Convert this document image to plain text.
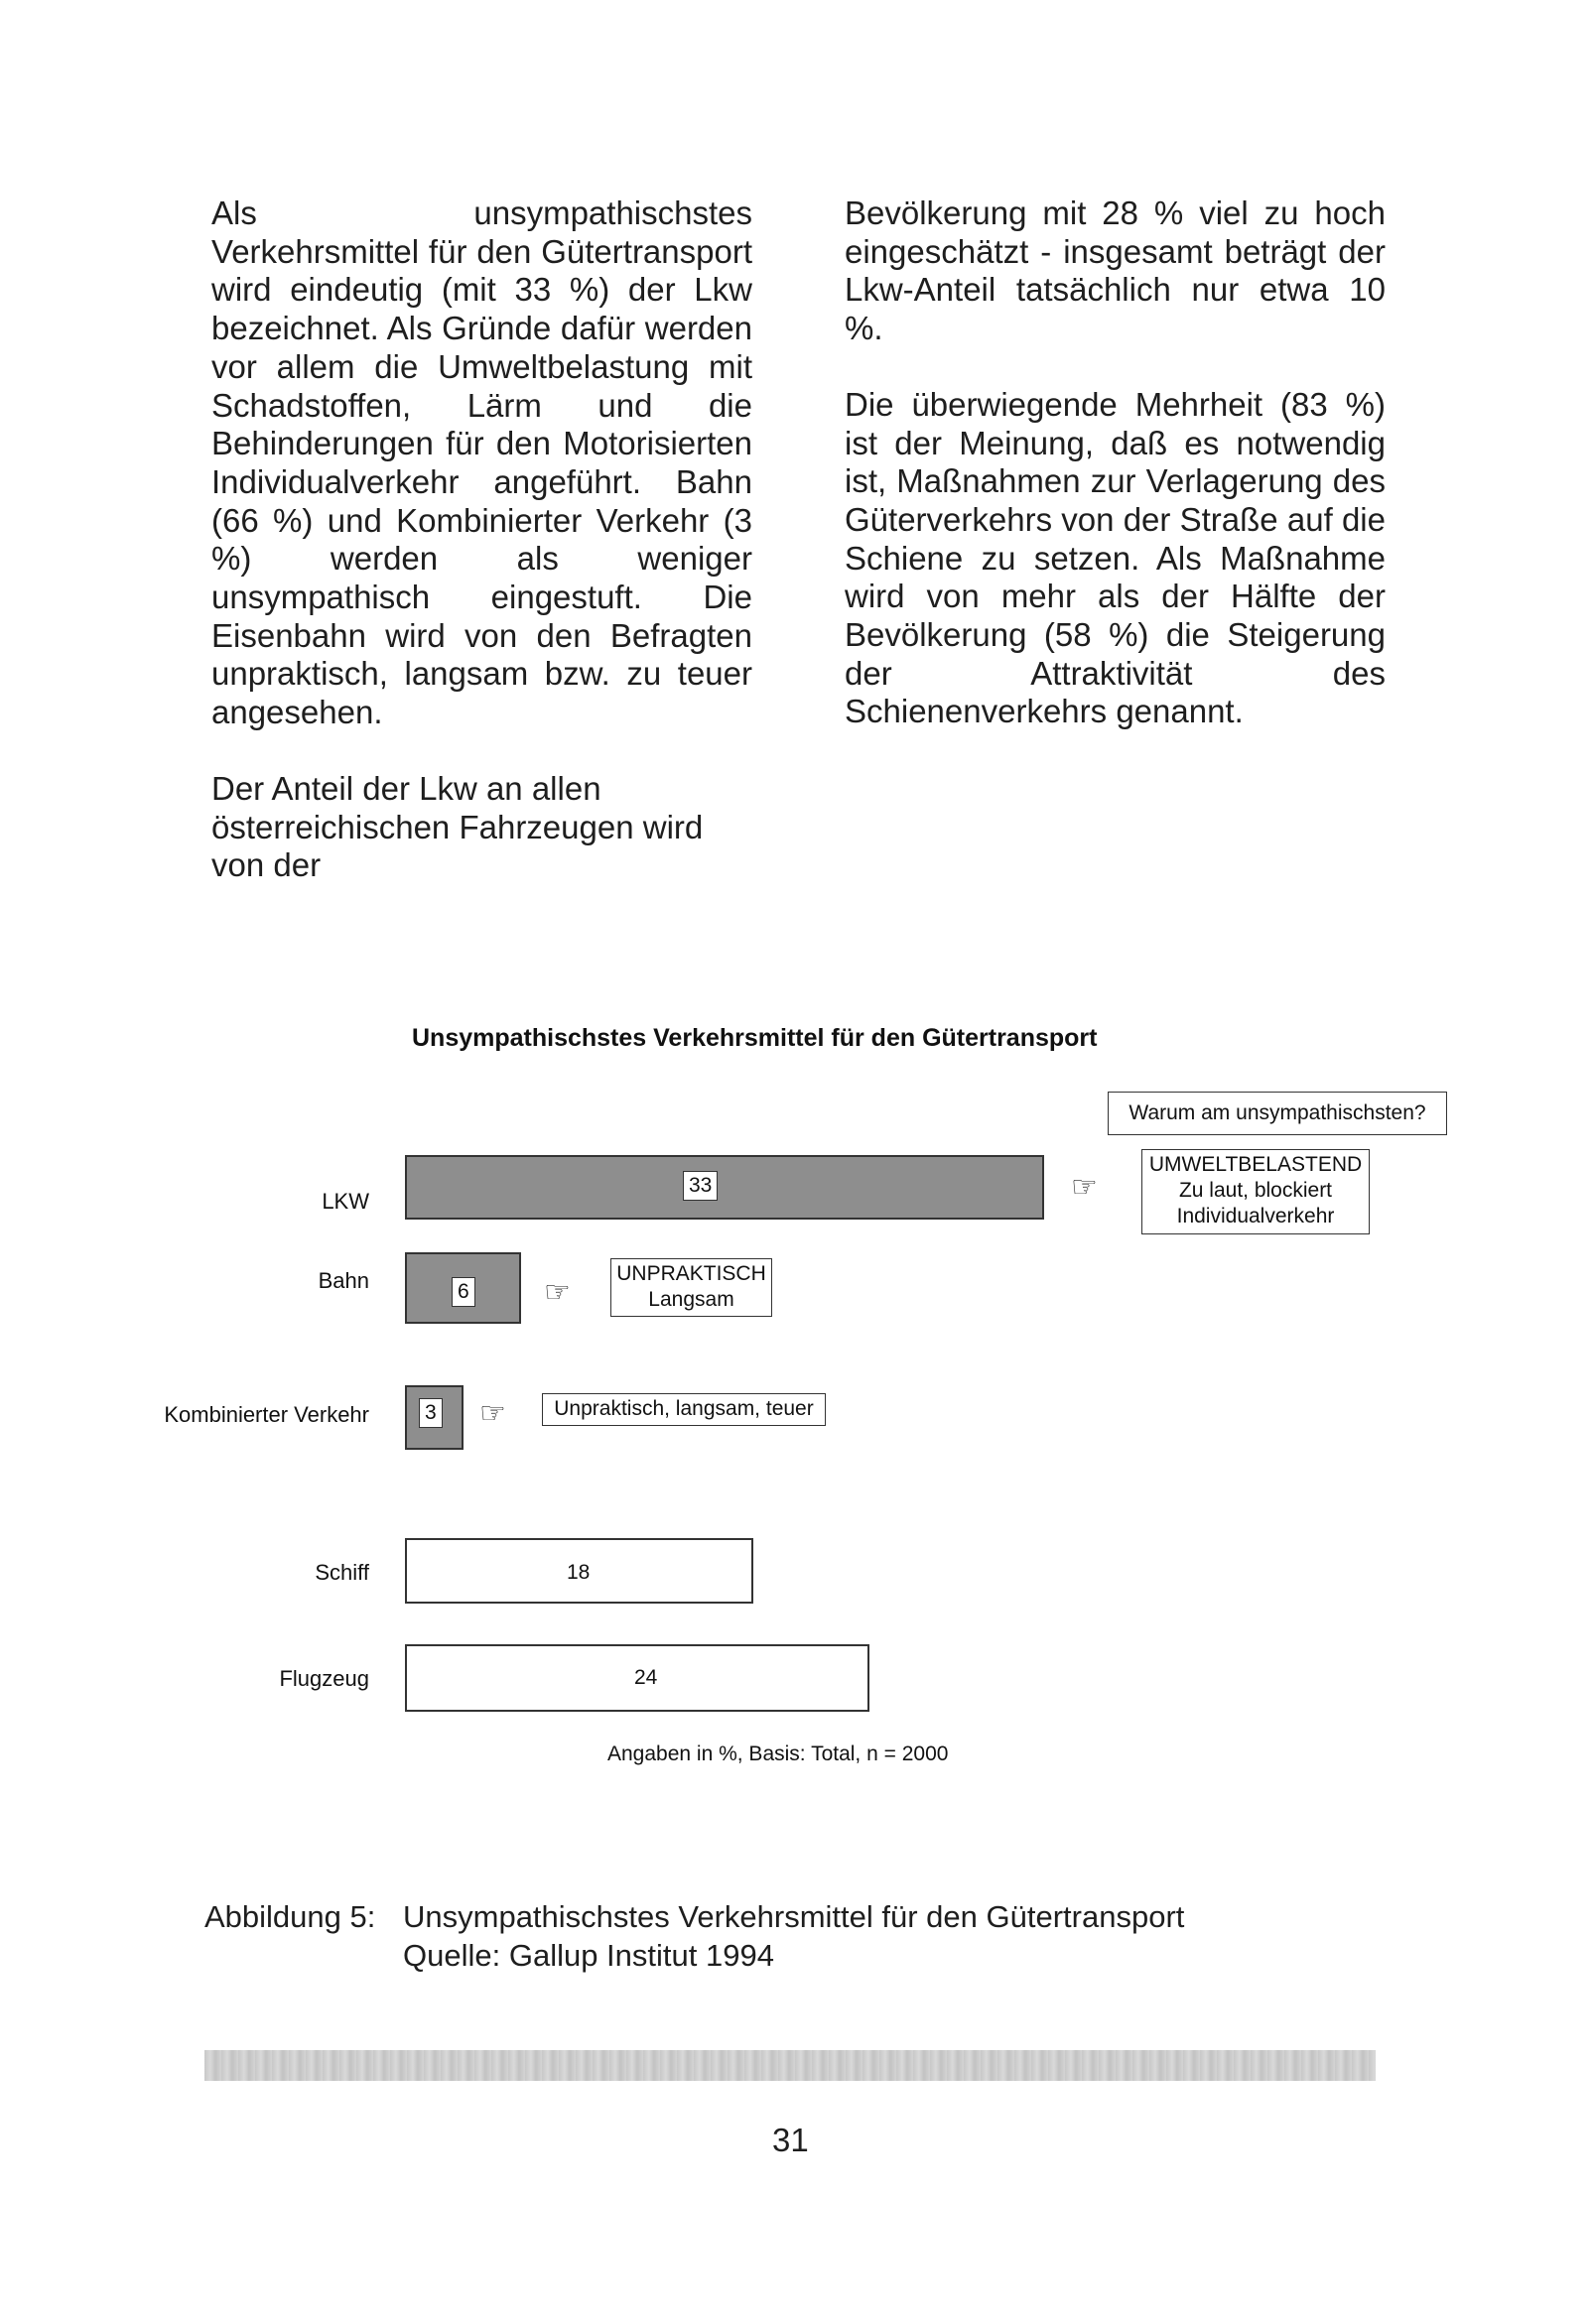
Als unsympathischstes Verkehrsmittel für den Gütertransport wird eindeutig (mit 33 %) der Lkw bezeichnet. Als Gründe dafür werden vor allem die Umweltbelastung mit Schadstoffen, Lärm und die Behinderungen für den Motorisierten Individualverkehr angeführt. Bahn (66 %) und Kombinierter Verkehr (3 %) werden als weniger unsympathisch eingestuft. Die Eisenbahn wird von den Befragten unpraktisch, langsam bzw. zu teuer angesehen.

Der Anteil der Lkw an allen österreichischen Fahrzeugen wird von der

Bevölkerung mit 28 % viel zu hoch eingeschätzt - insgesamt beträgt der Lkw-Anteil tatsächlich nur etwa 10 %.

Die überwiegende Mehrheit (83 %) ist der Meinung, daß es notwendig ist, Maßnahmen zur Verlagerung des Güterverkehrs von der Straße auf die Schiene zu setzen. Als Maßnahme wird von mehr als der Hälfte der Bevölkerung (58 %) die Steigerung der Attraktivität des Schienenverkehrs genannt.

Unsympathischstes Verkehrsmittel für den Gütertransport
Warum am unsympathischsten?
LKW
Bahn
Kombinierter Verkehr
Schiff
Flugzeug
33
6
3
18
24
☞
☞
☞
UMWELTBELASTEND
Zu laut, blockiert
Individualverkehr
UNPRAKTISCH
Langsam
Unpraktisch, langsam, teuer
Angaben in %, Basis: Total, n = 2000
Abbildung 5: Unsympathischstes Verkehrsmittel für den Gütertransport
Quelle: Gallup Institut 1994
31
